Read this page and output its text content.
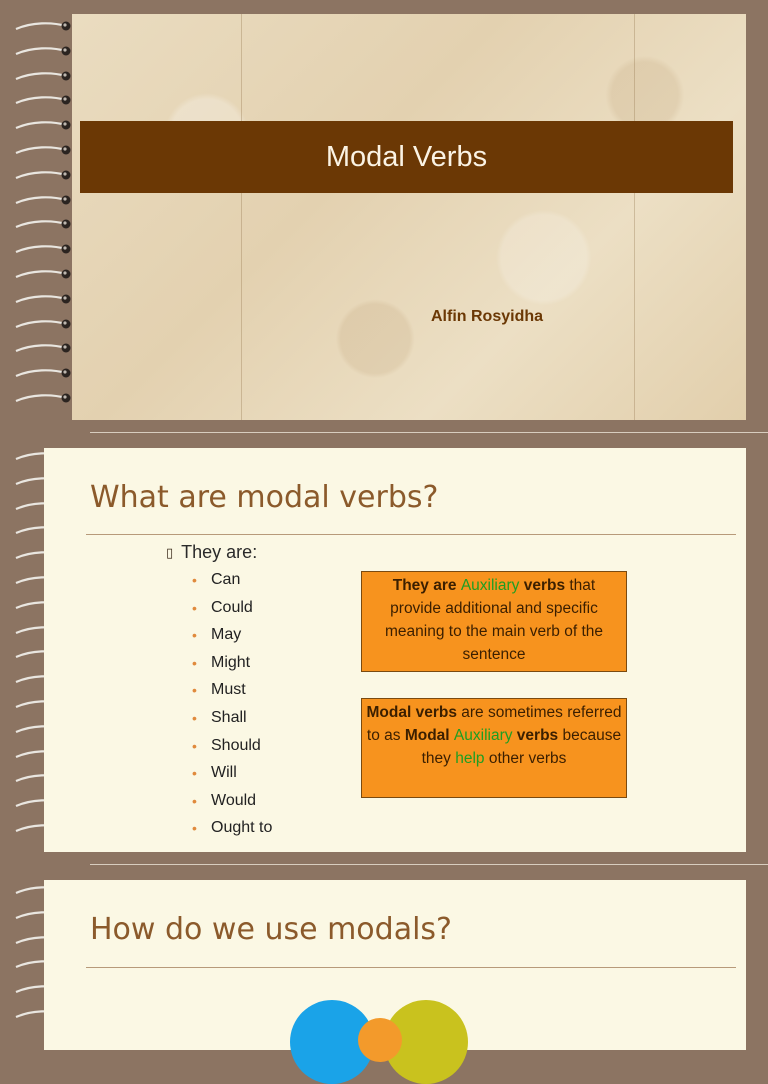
Modal Verbs
Alfin Rosyidha
What are modal verbs?
▯ They are:
• Can
• Could
• May
• Might
• Must
• Shall
• Should
• Will
• Would
• Ought to
They are Auxiliary verbs that provide additional and specific meaning to the main verb of the sentence
Modal verbs are sometimes referred to as Modal Auxiliary verbs because they help other verbs
How do we use modals?
